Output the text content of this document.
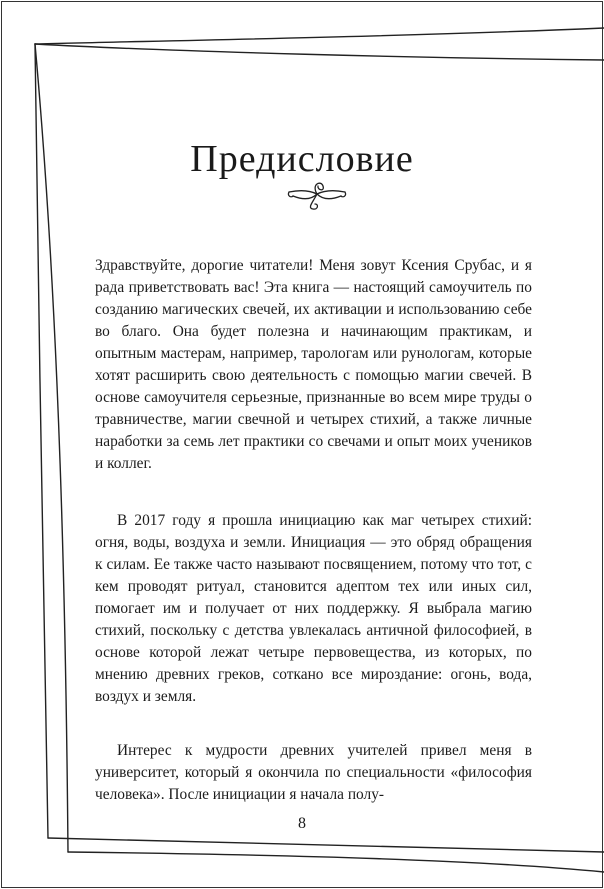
Предисловие

Здравствуйте, дорогие читатели! Меня зовут Ксения Срубас, и я рада приветствовать вас! Эта книга — настоящий самоучитель по созданию магических свечей, их активации и использованию себе во благо. Она будет полезна и начинающим практикам, и опытным мастерам, например, тарологам или рунологам, которые хотят расширить свою деятельность с помощью магии свечей. В основе самоучителя серьезные, признанные во всем мире труды о травничестве, магии свечной и четырех стихий, а также личные наработки за семь лет практики со свечами и опыт моих учеников и коллег.

В 2017 году я прошла инициацию как маг четырех стихий: огня, воды, воздуха и земли. Инициация — это обряд обращения к силам. Ее также часто называют посвящением, потому что тот, с кем проводят ритуал, становится адептом тех или иных сил, помогает им и получает от них поддержку. Я выбрала магию стихий, поскольку с детства увлекалась античной философией, в основе которой лежат четыре первовещества, из которых, по мнению древних греков, соткано все мироздание: огонь, вода, воздух и земля.

Интерес к мудрости древних учителей привел меня в университет, который я окончила по специальности «философия человека». После инициации я начала полу-

8
